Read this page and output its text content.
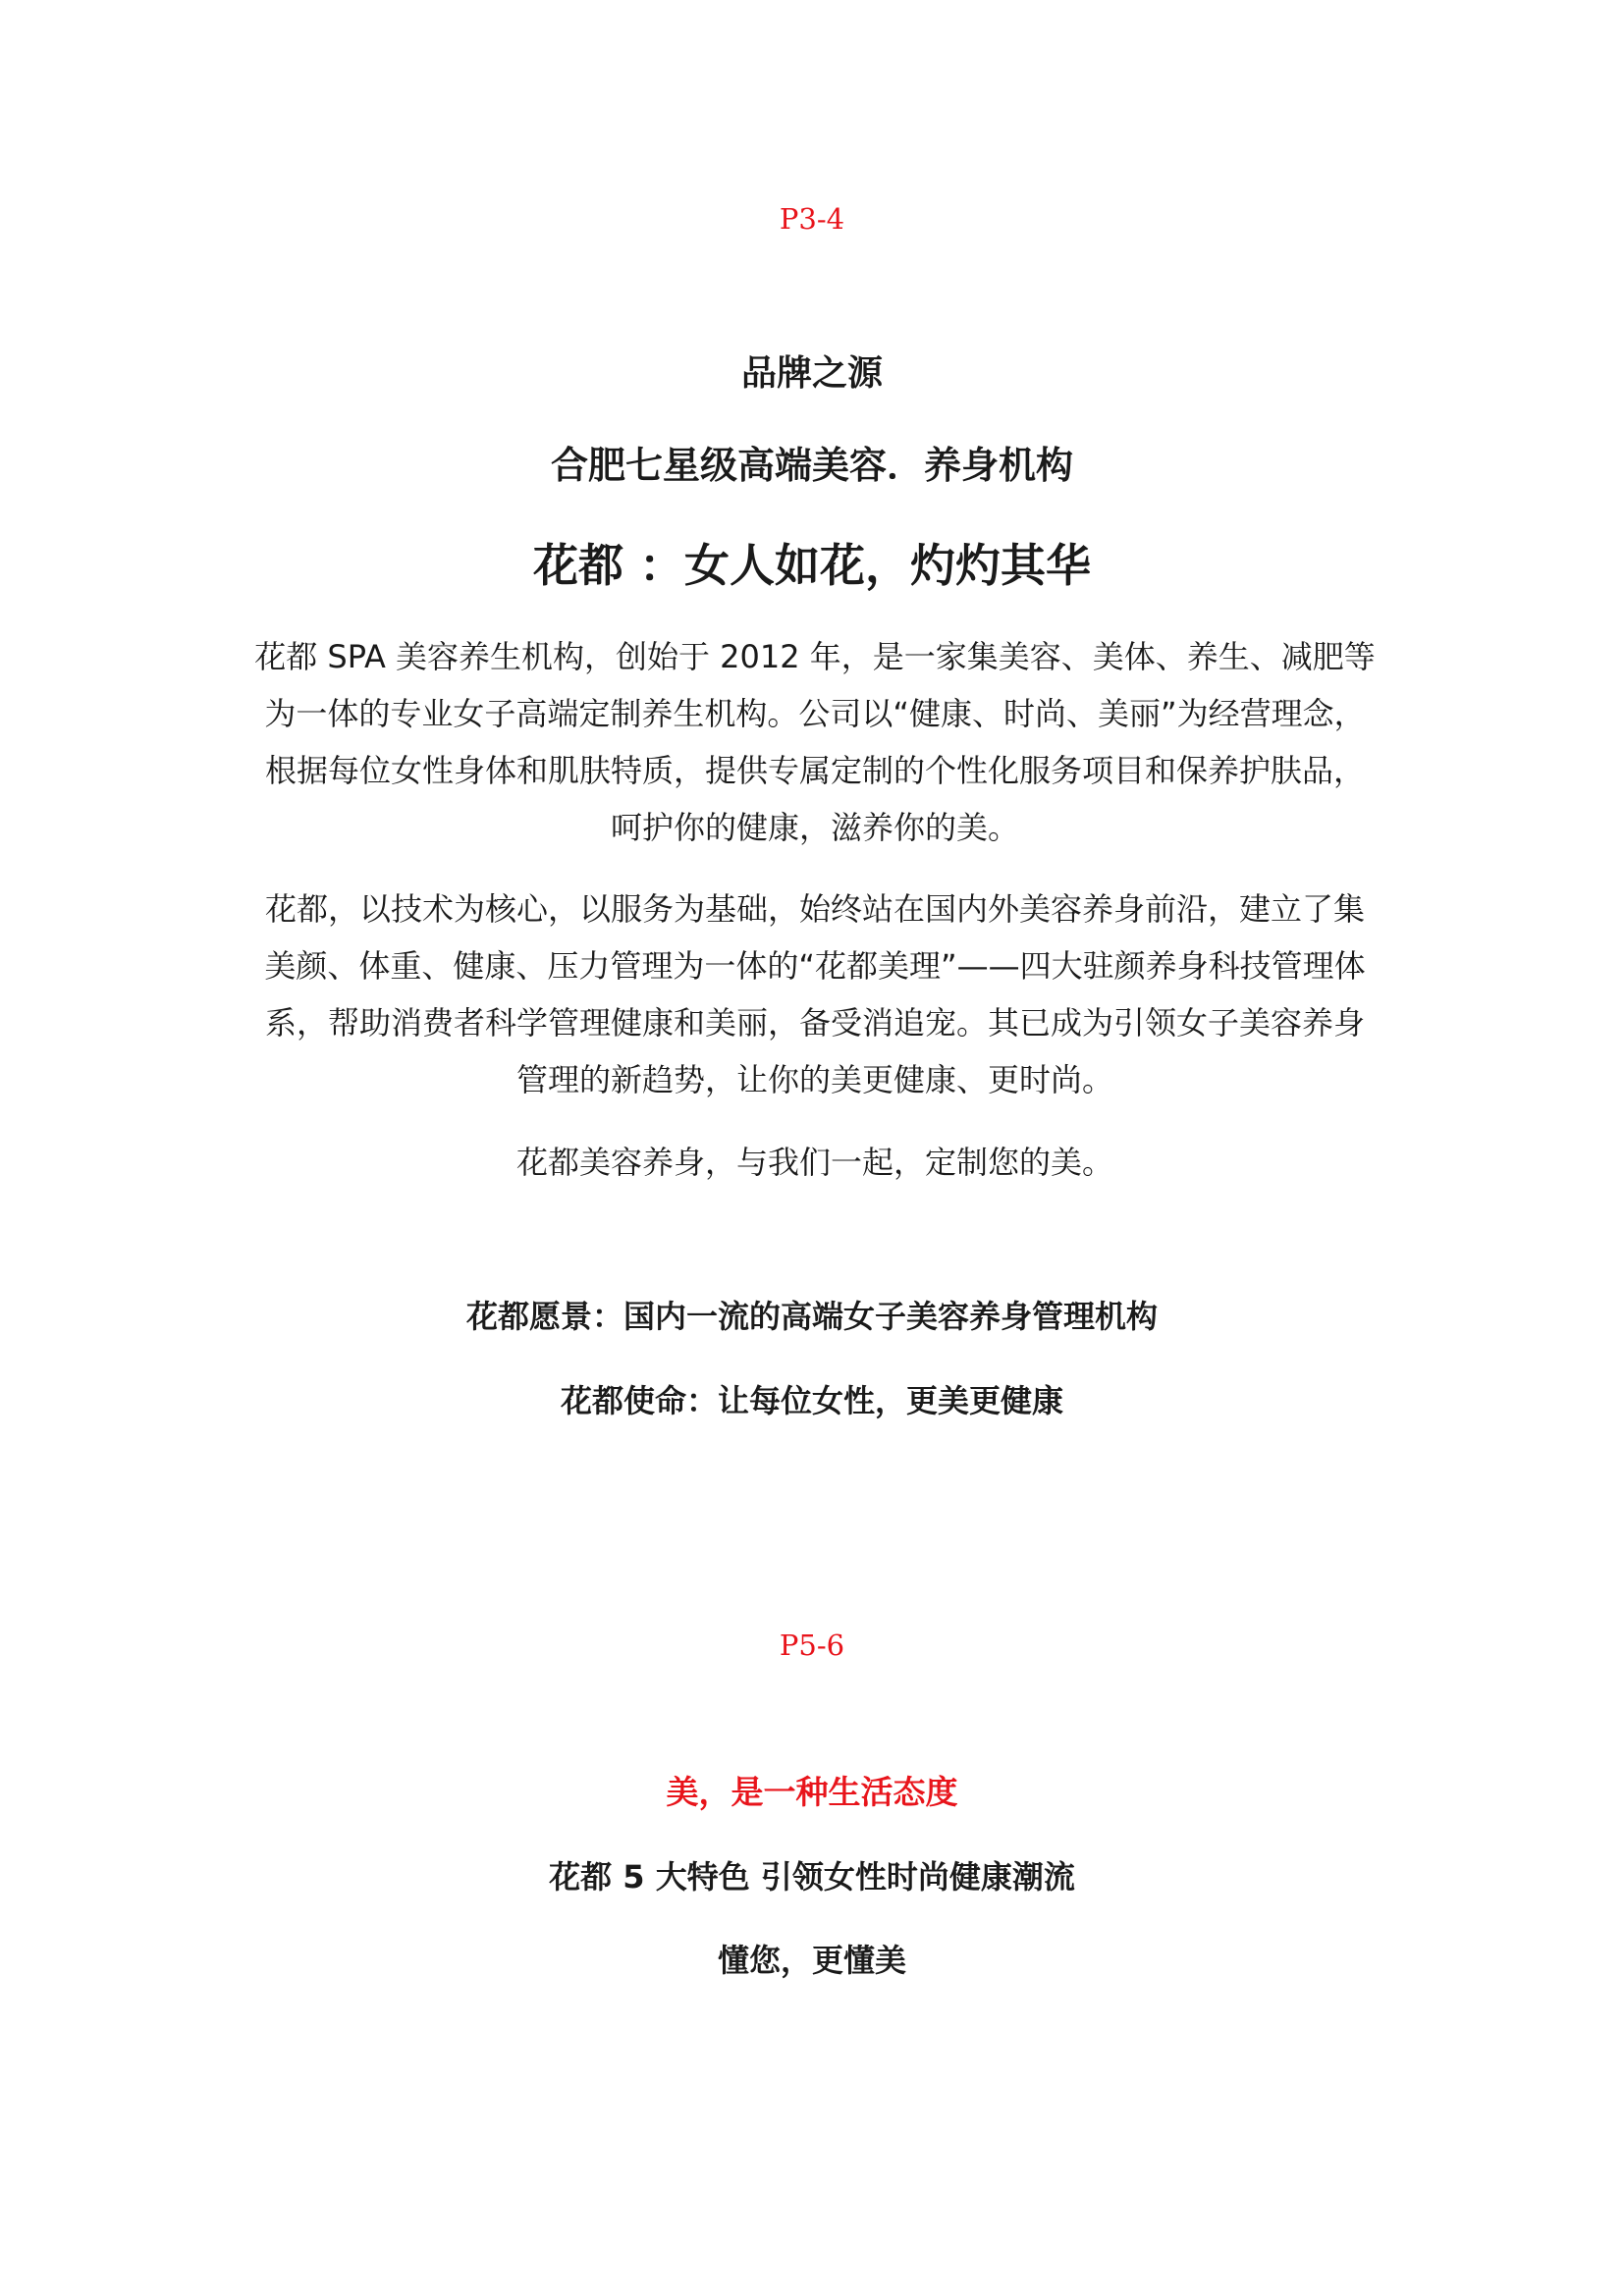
P3-4
品牌之源
合肥七星级高端美容．养身机构
花都 ：女人如花，灼灼其华
花都 SPA 美容养生机构，创始于 2012 年，是一家集美容、美体、养生、减肥等为一体的专业女子高端定制养生机构。公司以“健康、时尚、美丽”为经营理念，根据每位女性身体和肌肤特质，提供专属定制的个性化服务项目和保养护肤品，呵护你的健康，滋养你的美。
花都，以技术为核心，以服务为基础，始终站在国内外美容养身前沿，建立了集美颜、体重、健康、压力管理为一体的“花都美理”——四大驻颜养身科技管理体系，帮助消费者科学管理健康和美丽，备受消追宠。其已成为引领女子美容养身管理的新趋势，让你的美更健康、更时尚。
花都美容养身，与我们一起，定制您的美。
花都愿景：国内一流的高端女子美容养身管理机构
花都使命：让每位女性，更美更健康
P5-6
美，是一种生活态度
花都 5 大特色 引领女性时尚健康潮流
懂您，更懂美
